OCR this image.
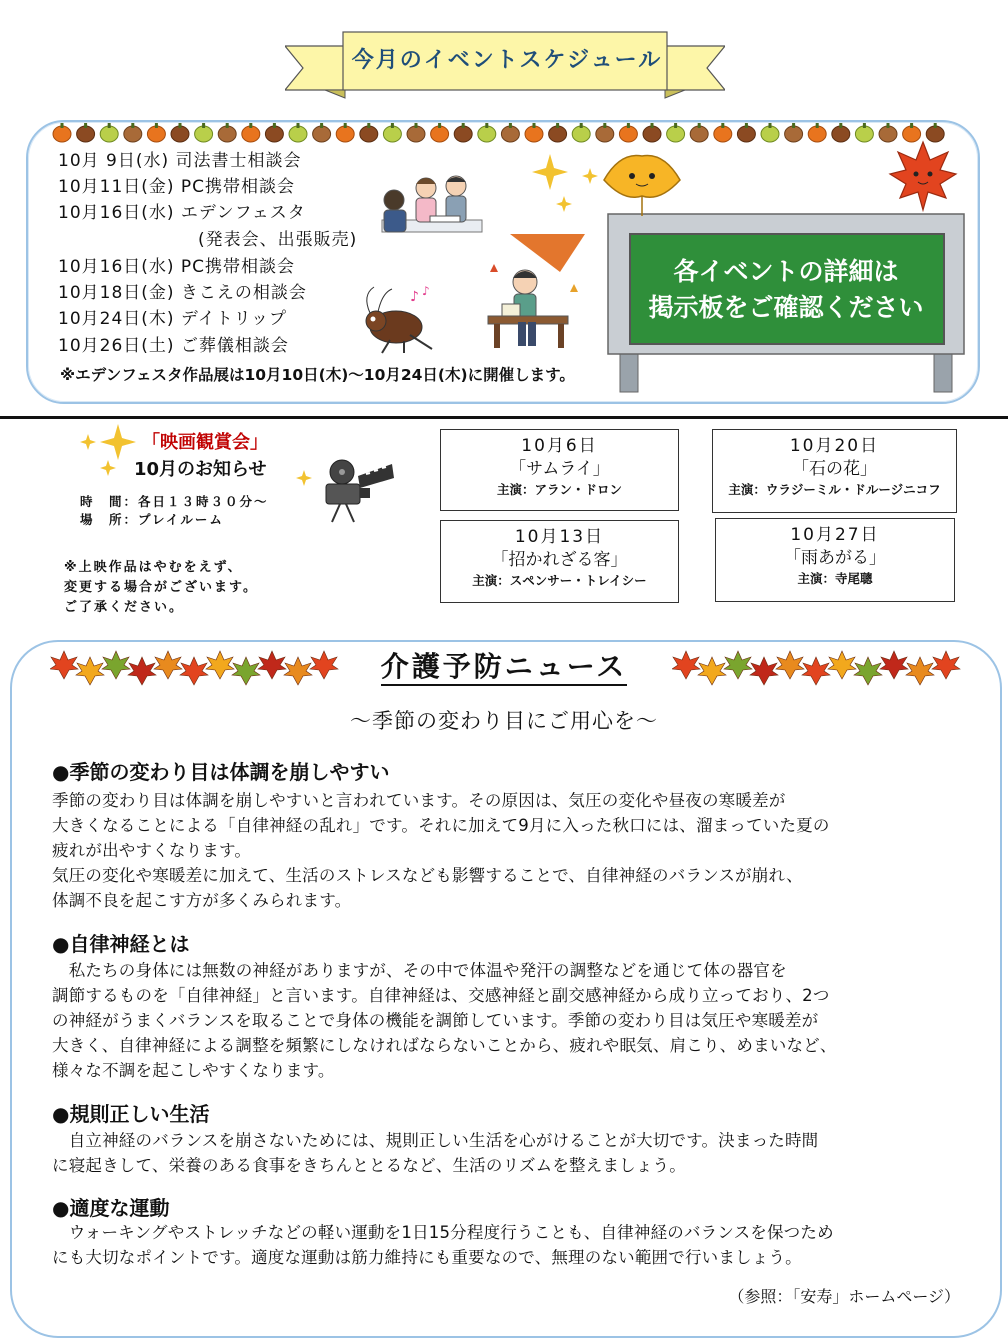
今月のイベントスケジュール
10月 9日(水) 司法書士相談会
10月11日(金) PC携帯相談会
10月16日(水) エデンフェスタ
(発表会、出張販売)
10月16日(水) PC携帯相談会
10月18日(金) きこえの相談会
10月24日(木) デイトリップ
10月26日(土) ご葬儀相談会
※エデンフェスタ作品展は10月10日(木)～10月24日(木)に開催します。
♪ ♪
各イベントの詳細は
掲示板をご確認ください
「映画観賞会」
10月のお知らせ
時　間：各日１３時３０分～
場　所：プレイルーム
※上映作品はやむをえず、
変更する場合がございます。
ご了承ください。
10月6日
「サムライ」
主演：アラン・ドロン
10月20日
「石の花」
主演：ウラジーミル・ドルージニコフ
10月13日
「招かれざる客」
主演：スペンサー・トレイシー
10月27日
「雨あがる」
主演：寺尾聰
介護予防ニュース
～季節の変わり目にご用心を～
●季節の変わり目は体調を崩しやすい
季節の変わり目は体調を崩しやすいと言われています。その原因は、気圧の変化や昼夜の寒暖差が
大きくなることによる「自律神経の乱れ」です。それに加えて9月に入った秋口には、溜まっていた夏の
疲れが出やすくなります。
気圧の変化や寒暖差に加えて、生活のストレスなども影響することで、自律神経のバランスが崩れ、
体調不良を起こす方が多くみられます。
●自律神経とは
　私たちの身体には無数の神経がありますが、その中で体温や発汗の調整などを通じて体の器官を
調節するものを「自律神経」と言います。自律神経は、交感神経と副交感神経から成り立っており、2つ
の神経がうまくバランスを取ることで身体の機能を調節しています。季節の変わり目は気圧や寒暖差が
大きく、自律神経による調整を頻繁にしなければならないことから、疲れや眠気、肩こり、めまいなど、
様々な不調を起こしやすくなります。
●規則正しい生活
　自立神経のバランスを崩さないためには、規則正しい生活を心がけることが大切です。決まった時間
に寝起きして、栄養のある食事をきちんととるなど、生活のリズムを整えましょう。
●適度な運動
　ウォーキングやストレッチなどの軽い運動を1日15分程度行うことも、自律神経のバランスを保つため
にも大切なポイントです。適度な運動は筋力維持にも重要なので、無理のない範囲で行いましょう。
（参照：「安寿」ホームページ）
